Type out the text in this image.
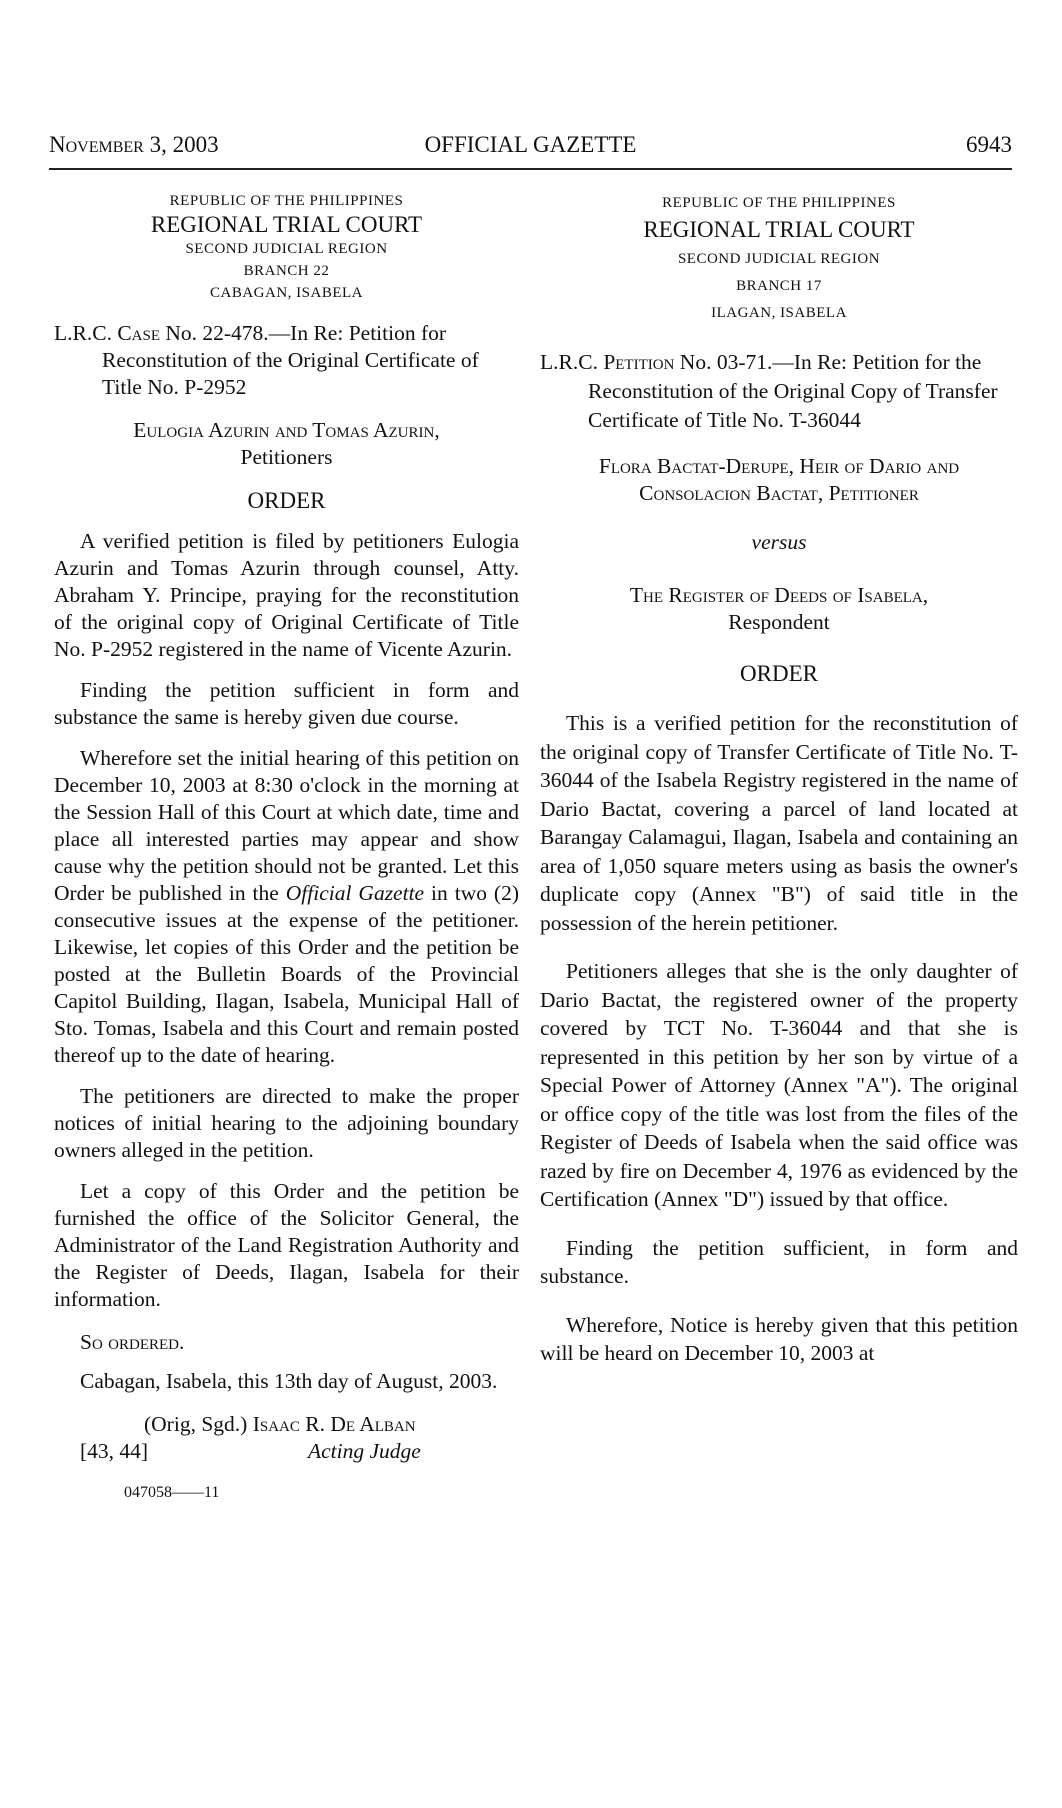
November 3, 2003	OFFICIAL GAZETTE	6943
REPUBLIC OF THE PHILIPPINES
REGIONAL TRIAL COURT
SECOND JUDICIAL REGION
BRANCH 22
CABAGAN, ISABELA

L.R.C. Case No. 22-478.—In Re: Petition for Reconstitution of the Original Certificate of Title No. P-2952

Eulogia Azurin and Tomas Azurin,
Petitioners
ORDER

A verified petition is filed by petitioners Eulogia Azurin and Tomas Azurin through counsel, Atty. Abraham Y. Principe, praying for the reconstitution of the original copy of Original Certificate of Title No. P-2952 registered in the name of Vicente Azurin.

Finding the petition sufficient in form and substance the same is hereby given due course.

Wherefore set the initial hearing of this petition on December 10, 2003 at 8:30 o'clock in the morning at the Session Hall of this Court at which date, time and place all interested parties may appear and show cause why the petition should not be granted. Let this Order be published in the Official Gazette in two (2) consecutive issues at the expense of the petitioner. Likewise, let copies of this Order and the petition be posted at the Bulletin Boards of the Provincial Capitol Building, Ilagan, Isabela, Municipal Hall of Sto. Tomas, Isabela and this Court and remain posted thereof up to the date of hearing.

The petitioners are directed to make the proper notices of initial hearing to the adjoining boundary owners alleged in the petition.

Let a copy of this Order and the petition be furnished the office of the Solicitor General, the Administrator of the Land Registration Authority and the Register of Deeds, Ilagan, Isabela for their information.

So ordered.

Cabagan, Isabela, this 13th day of August, 2003.

(Orig, Sgd.) Isaac R. De Alban
[43, 44]	Acting Judge
047058——11
REPUBLIC OF THE PHILIPPINES
REGIONAL TRIAL COURT
SECOND JUDICIAL REGION
BRANCH 17
ILAGAN, ISABELA

L.R.C. Petition No. 03-71.—In Re: Petition for the Reconstitution of the Original Copy of Transfer Certificate of Title No. T-36044

Flora Bactat-Derupe, Heir of Dario and
Consolacion Bactat, Petitioner
versus
The Register of Deeds of Isabela,
Respondent
ORDER

This is a verified petition for the reconstitution of the original copy of Transfer Certificate of Title No. T-36044 of the Isabela Registry registered in the name of Dario Bactat, covering a parcel of land located at Barangay Calamagui, Ilagan, Isabela and containing an area of 1,050 square meters using as basis the owner's duplicate copy (Annex "B") of said title in the possession of the herein petitioner.

Petitioners alleges that she is the only daughter of Dario Bactat, the registered owner of the property covered by TCT No. T-36044 and that she is represented in this petition by her son by virtue of a Special Power of Attorney (Annex "A"). The original or office copy of the title was lost from the files of the Register of Deeds of Isabela when the said office was razed by fire on December 4, 1976 as evidenced by the Certification (Annex "D") issued by that office.

Finding the petition sufficient, in form and substance.

Wherefore, Notice is hereby given that this petition will be heard on December 10, 2003 at
